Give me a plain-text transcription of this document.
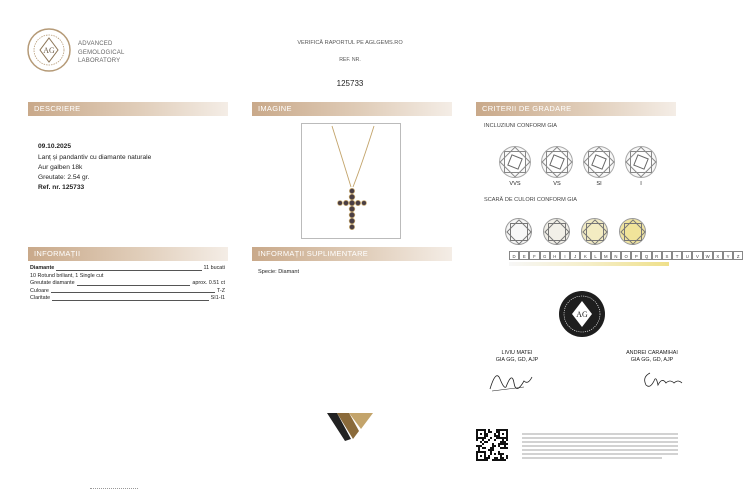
AG
ADVANCED
GEMOLOGICAL
LABORATORY
VERIFICĂ RAPORTUL PE AGLGEMS.RO
REF. NR.
125733
DESCRIERE	IMAGINE	CRITERII DE GRADARE
INFORMAȚII	INFORMAȚII SUPLIMENTARE
09.10.2025
Lanț și pandantiv cu diamante naturale
Aur galben 18k
Greutate: 2.54 gr.
Ref. nr. 125733
INCLUZIUNI CONFORM GIA
VVS	VS	SI	I
SCARĂ DE CULORI CONFORM GIA
D	E	F	G	H	I	J	K	L	M	N	O	P	Q	R	S	T	U	V	W	X	Y	Z
Diamante	11 bucati
10 Rotund briliant, 1 Single cut
Greutate diamante	aprox. 0.51 ct
Culoare	T-Z
Claritate	SI1-I1
Specie: Diamant
AG
LIVIU MATEI
GIA GG, GD, AJP
ANDREI CARAMIHAI
GIA GG, GD, AJP
